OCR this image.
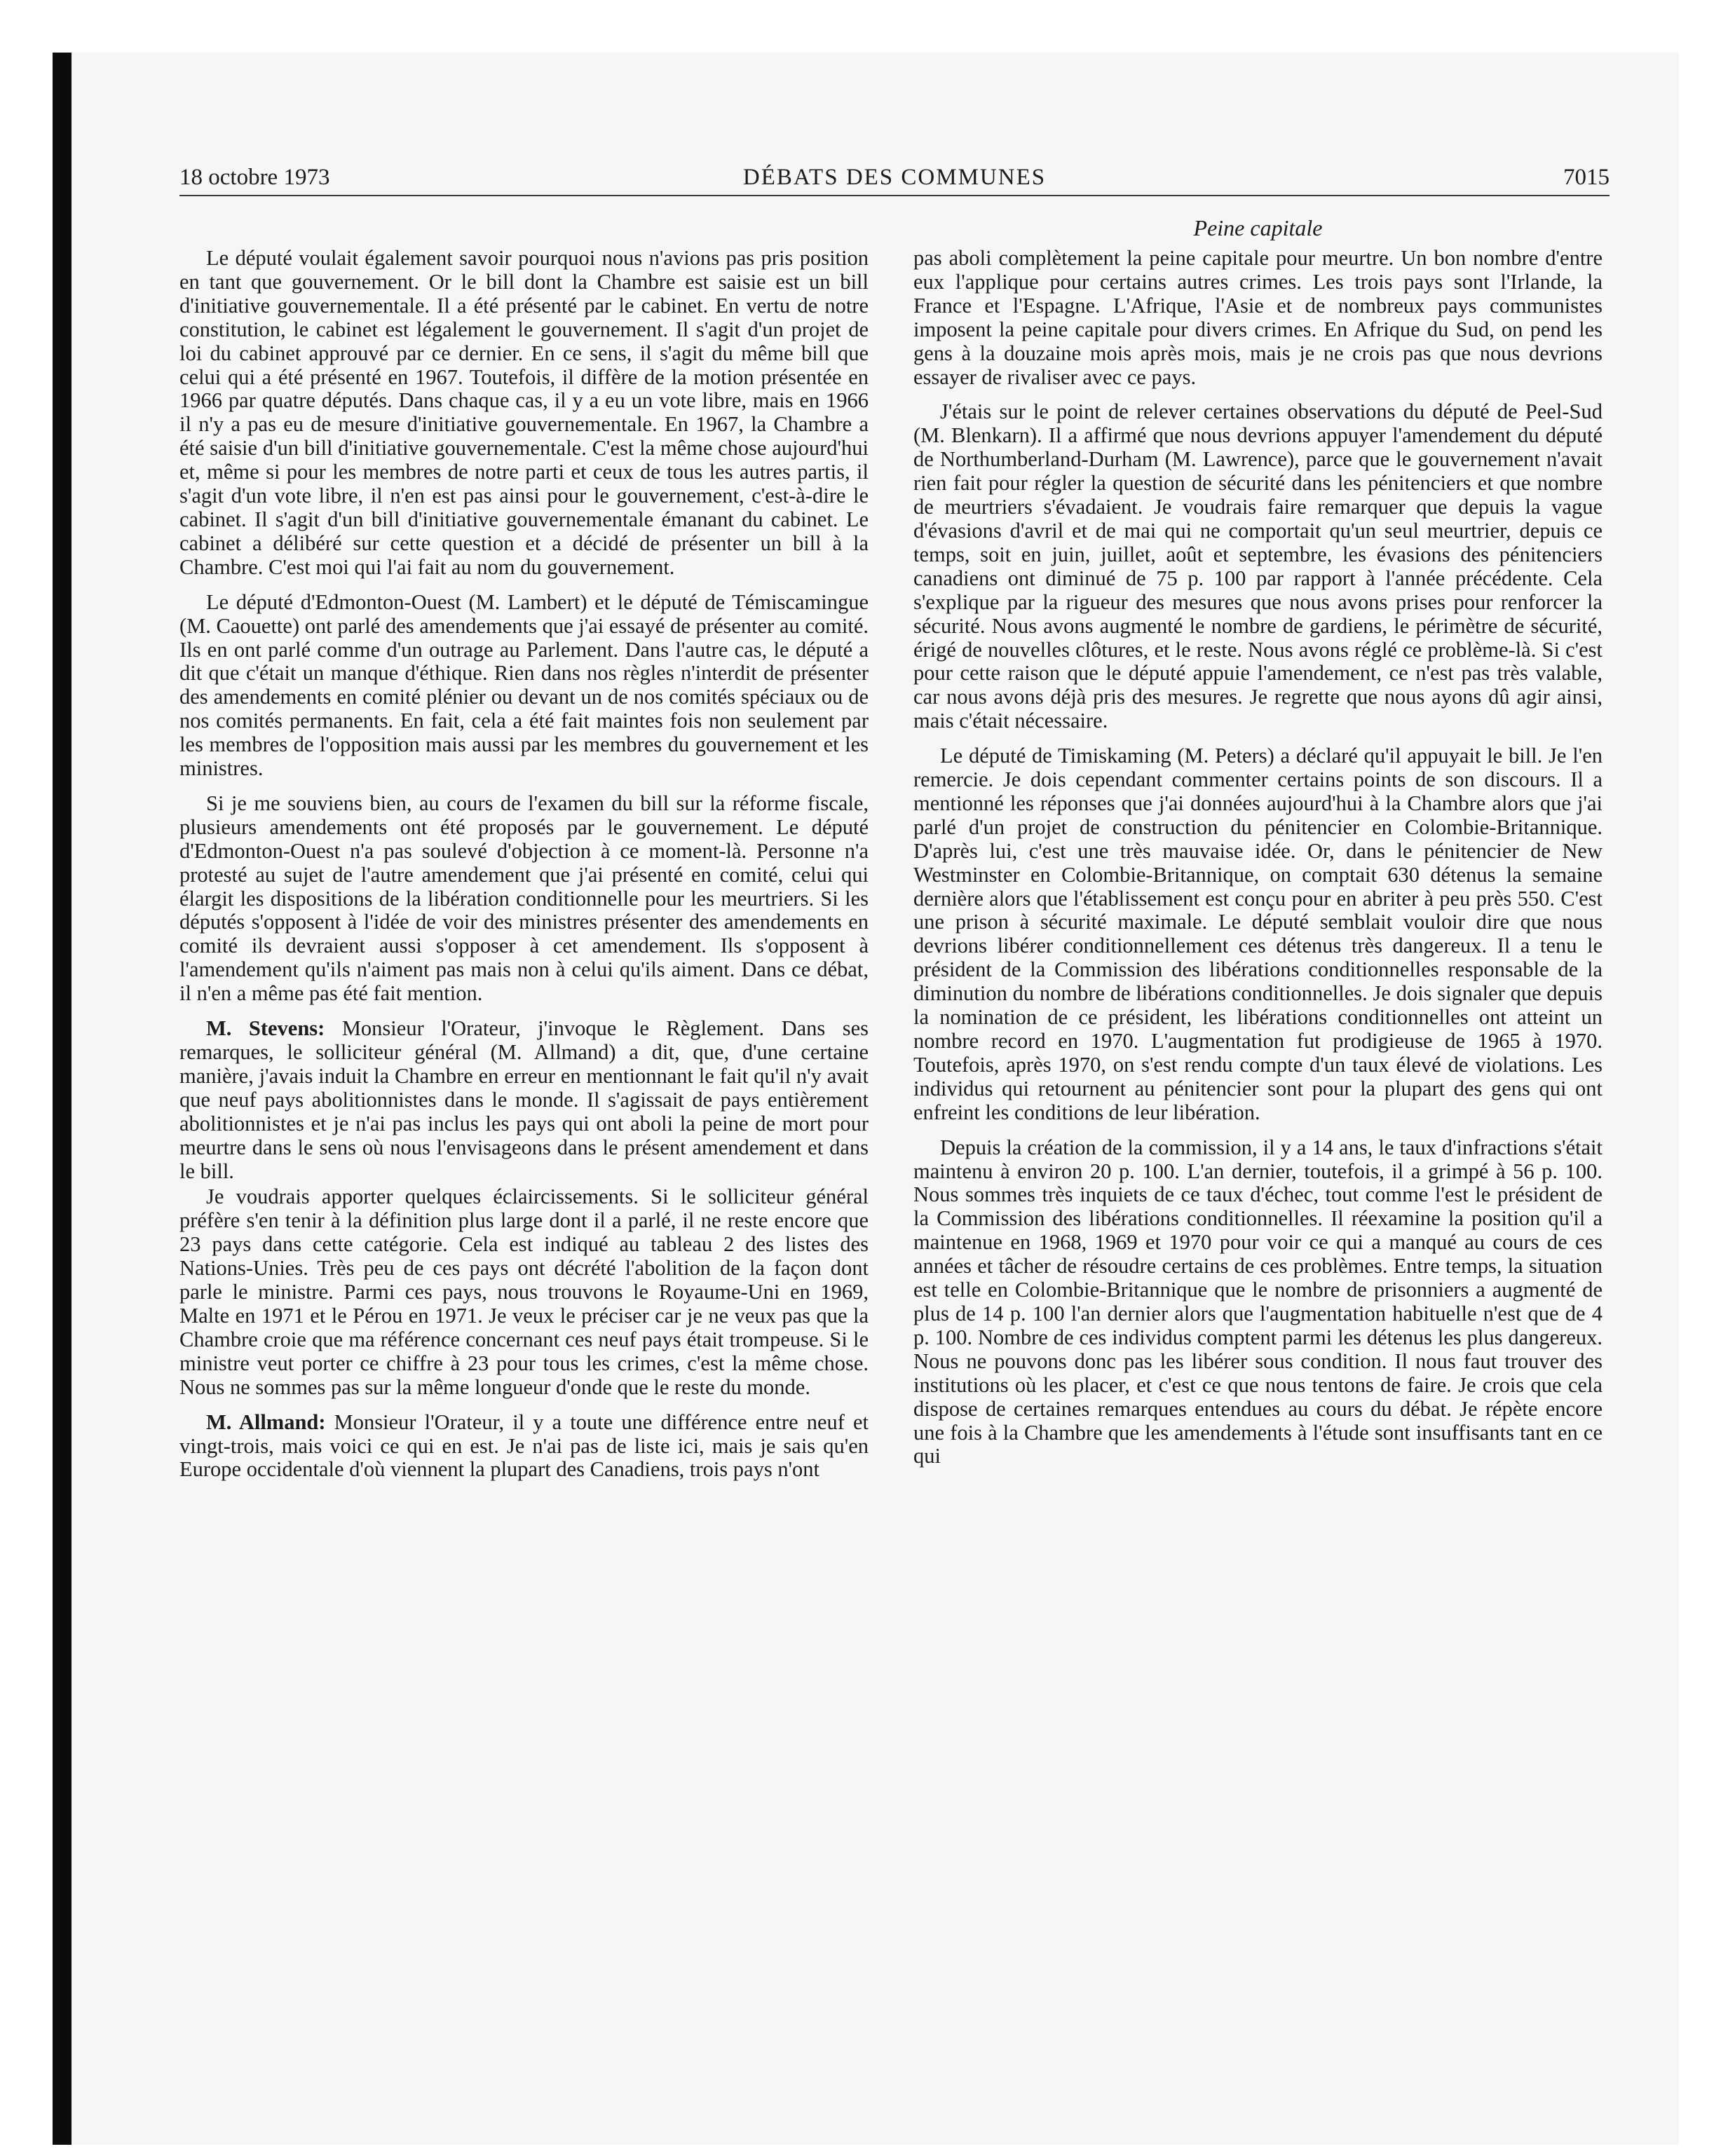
18 octobre 1973	DÉBATS DES COMMUNES	7015
Peine capitale

Le député voulait également savoir pourquoi nous n'avions pas pris position en tant que gouvernement. Or le bill dont la Chambre est saisie est un bill d'initiative gouvernementale. Il a été présenté par le cabinet. En vertu de notre constitution, le cabinet est légalement le gouvernement. Il s'agit d'un projet de loi du cabinet approuvé par ce dernier. En ce sens, il s'agit du même bill que celui qui a été présenté en 1967. Toutefois, il diffère de la motion présentée en 1966 par quatre députés. Dans chaque cas, il y a eu un vote libre, mais en 1966 il n'y a pas eu de mesure d'initiative gouvernementale. En 1967, la Chambre a été saisie d'un bill d'initiative gouvernementale. C'est la même chose aujourd'hui et, même si pour les membres de notre parti et ceux de tous les autres partis, il s'agit d'un vote libre, il n'en est pas ainsi pour le gouvernement, c'est-à-dire le cabinet. Il s'agit d'un bill d'initiative gouvernementale émanant du cabinet. Le cabinet a délibéré sur cette question et a décidé de présenter un bill à la Chambre. C'est moi qui l'ai fait au nom du gouvernement.

Le député d'Edmonton-Ouest (M. Lambert) et le député de Témiscamingue (M. Caouette) ont parlé des amendements que j'ai essayé de présenter au comité. Ils en ont parlé comme d'un outrage au Parlement. Dans l'autre cas, le député a dit que c'était un manque d'éthique. Rien dans nos règles n'interdit de présenter des amendements en comité plénier ou devant un de nos comités spéciaux ou de nos comités permanents. En fait, cela a été fait maintes fois non seulement par les membres de l'opposition mais aussi par les membres du gouvernement et les ministres.

Si je me souviens bien, au cours de l'examen du bill sur la réforme fiscale, plusieurs amendements ont été proposés par le gouvernement. Le député d'Edmonton-Ouest n'a pas soulevé d'objection à ce moment-là. Personne n'a protesté au sujet de l'autre amendement que j'ai présenté en comité, celui qui élargit les dispositions de la libération conditionnelle pour les meurtriers. Si les députés s'opposent à l'idée de voir des ministres présenter des amendements en comité ils devraient aussi s'opposer à cet amendement. Ils s'opposent à l'amendement qu'ils n'aiment pas mais non à celui qu'ils aiment. Dans ce débat, il n'en a même pas été fait mention.

M. Stevens: Monsieur l'Orateur, j'invoque le Règlement. Dans ses remarques, le solliciteur général (M. Allmand) a dit, que, d'une certaine manière, j'avais induit la Chambre en erreur en mentionnant le fait qu'il n'y avait que neuf pays abolitionnistes dans le monde. Il s'agissait de pays entièrement abolitionnistes et je n'ai pas inclus les pays qui ont aboli la peine de mort pour meurtre dans le sens où nous l'envisageons dans le présent amendement et dans le bill.

Je voudrais apporter quelques éclaircissements. Si le solliciteur général préfère s'en tenir à la définition plus large dont il a parlé, il ne reste encore que 23 pays dans cette catégorie. Cela est indiqué au tableau 2 des listes des Nations-Unies. Très peu de ces pays ont décrété l'abolition de la façon dont parle le ministre. Parmi ces pays, nous trouvons le Royaume-Uni en 1969, Malte en 1971 et le Pérou en 1971. Je veux le préciser car je ne veux pas que la Chambre croie que ma référence concernant ces neuf pays était trompeuse. Si le ministre veut porter ce chiffre à 23 pour tous les crimes, c'est la même chose. Nous ne sommes pas sur la même longueur d'onde que le reste du monde.

M. Allmand: Monsieur l'Orateur, il y a toute une différence entre neuf et vingt-trois, mais voici ce qui en est. Je n'ai pas de liste ici, mais je sais qu'en Europe occidentale d'où viennent la plupart des Canadiens, trois pays n'ont

pas aboli complètement la peine capitale pour meurtre. Un bon nombre d'entre eux l'applique pour certains autres crimes. Les trois pays sont l'Irlande, la France et l'Espagne. L'Afrique, l'Asie et de nombreux pays communistes imposent la peine capitale pour divers crimes. En Afrique du Sud, on pend les gens à la douzaine mois après mois, mais je ne crois pas que nous devrions essayer de rivaliser avec ce pays.

J'étais sur le point de relever certaines observations du député de Peel-Sud (M. Blenkarn). Il a affirmé que nous devrions appuyer l'amendement du député de Northumberland-Durham (M. Lawrence), parce que le gouvernement n'avait rien fait pour régler la question de sécurité dans les pénitenciers et que nombre de meurtriers s'évadaient. Je voudrais faire remarquer que depuis la vague d'évasions d'avril et de mai qui ne comportait qu'un seul meurtrier, depuis ce temps, soit en juin, juillet, août et septembre, les évasions des pénitenciers canadiens ont diminué de 75 p. 100 par rapport à l'année précédente. Cela s'explique par la rigueur des mesures que nous avons prises pour renforcer la sécurité. Nous avons augmenté le nombre de gardiens, le périmètre de sécurité, érigé de nouvelles clôtures, et le reste. Nous avons réglé ce problème-là. Si c'est pour cette raison que le député appuie l'amendement, ce n'est pas très valable, car nous avons déjà pris des mesures. Je regrette que nous ayons dû agir ainsi, mais c'était nécessaire.

Le député de Timiskaming (M. Peters) a déclaré qu'il appuyait le bill. Je l'en remercie. Je dois cependant commenter certains points de son discours. Il a mentionné les réponses que j'ai données aujourd'hui à la Chambre alors que j'ai parlé d'un projet de construction du pénitencier en Colombie-Britannique. D'après lui, c'est une très mauvaise idée. Or, dans le pénitencier de New Westminster en Colombie-Britannique, on comptait 630 détenus la semaine dernière alors que l'établissement est conçu pour en abriter à peu près 550. C'est une prison à sécurité maximale. Le député semblait vouloir dire que nous devrions libérer conditionnellement ces détenus très dangereux. Il a tenu le président de la Commission des libérations conditionnelles responsable de la diminution du nombre de libérations conditionnelles. Je dois signaler que depuis la nomination de ce président, les libérations conditionnelles ont atteint un nombre record en 1970. L'augmentation fut prodigieuse de 1965 à 1970. Toutefois, après 1970, on s'est rendu compte d'un taux élevé de violations. Les individus qui retournent au pénitencier sont pour la plupart des gens qui ont enfreint les conditions de leur libération.

Depuis la création de la commission, il y a 14 ans, le taux d'infractions s'était maintenu à environ 20 p. 100. L'an dernier, toutefois, il a grimpé à 56 p. 100. Nous sommes très inquiets de ce taux d'échec, tout comme l'est le président de la Commission des libérations conditionnelles. Il réexamine la position qu'il a maintenue en 1968, 1969 et 1970 pour voir ce qui a manqué au cours de ces années et tâcher de résoudre certains de ces problèmes. Entre temps, la situation est telle en Colombie-Britannique que le nombre de prisonniers a augmenté de plus de 14 p. 100 l'an dernier alors que l'augmentation habituelle n'est que de 4 p. 100. Nombre de ces individus comptent parmi les détenus les plus dangereux. Nous ne pouvons donc pas les libérer sous condition. Il nous faut trouver des institutions où les placer, et c'est ce que nous tentons de faire. Je crois que cela dispose de certaines remarques entendues au cours du débat. Je répète encore une fois à la Chambre que les amendements à l'étude sont insuffisants tant en ce qui
